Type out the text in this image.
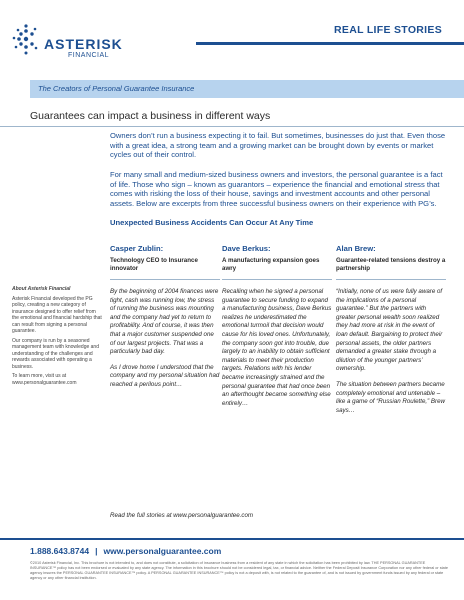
ASTERISK
FINANCIAL
REAL LIFE STORIES
The Creators of Personal Guarantee Insurance
Guarantees can impact a business in different ways
Owners don’t run a business expecting it to fail. But sometimes, businesses do just that. Even those with a great idea, a strong team and a growing market can be brought down by events or market cycles out of their control.
For many small and medium-sized business owners and investors, the personal guarantee is a fact of life. Those who sign – known as guarantors – experience the financial and emotional stress that comes with risking the loss of their house, savings and investment accounts and other personal assets. Below are excerpts from three successful business owners on their experience with PG’s.
Unexpected Business Accidents Can Occur At Any Time

About Asterisk Financial

Asterisk Financial developed the PG policy, creating a new category of insurance designed to offer relief from the emotional and financial hardship that can result from signing a personal guarantee.

Our company is run by a seasoned management team with knowledge and understanding of the challenges and rewards associated with operating a business.

To learn more, visit us at www.personalguarantee.com

Casper Zublin:
Technology CEO to Insurance innovator

By the beginning of 2004 finances were tight, cash was running low, the stress of running the business was mounting and the company had yet to return to profitability. And of course, it was then that a major customer suspended one of our largest projects. That was a particularly bad day.

As I drove home I understood that the company and my personal situation had reached a perilous point…

Dave Berkus:
A manufacturing expansion goes awry

Recalling when he signed a personal guarantee to secure funding to expand a manufacturing business, Dave Berkus realizes he underestimated the emotional turmoil that decision would cause for his loved ones. Unfortunately, the company soon got into trouble, due largely to an inability to obtain sufficient materials to meet their production targets. Relations with his lender became increasingly strained and the personal guarantee that had once been an afterthought became something else entirely…

Alan Brew:
Guarantee-related tensions destroy a partnership

“Initially, none of us were fully aware of the implications of a personal guarantee.” But the partners with greater personal wealth soon realized they had more at risk in the event of loan default. Bargaining to protect their personal assets, the older partners demanded a greater stake through a dilution of the younger partners’ ownership.

The situation between partners became completely emotional and untenable – like a game of “Russian Roulette,” Brew says…

Read the full stories at www.personalguarantee.com
1.888.643.8744 | www.personalguarantee.com
©2010 Asterisk Financial, Inc. This brochure is not intended to, and does not constitute, a solicitation of insurance business from a resident of any state in which the solicitation has been prohibited by law. THE PERSONAL GUARANTEE INSURANCE™ policy has not been endorsed or evaluated by any state agency. The information in this brochure should not be considered legal, tax, or financial advice. Neither the Federal Deposit Insurance Corporation nor any other federal or state agency insures the PERSONAL GUARANTEE INSURANCE™ policy. A PERSONAL GUARANTEE INSURANCE™ policy is not a deposit with, is not related to the guarantee of, and is not issued by government funds issued by any federal or state agency or any other financial institution.
